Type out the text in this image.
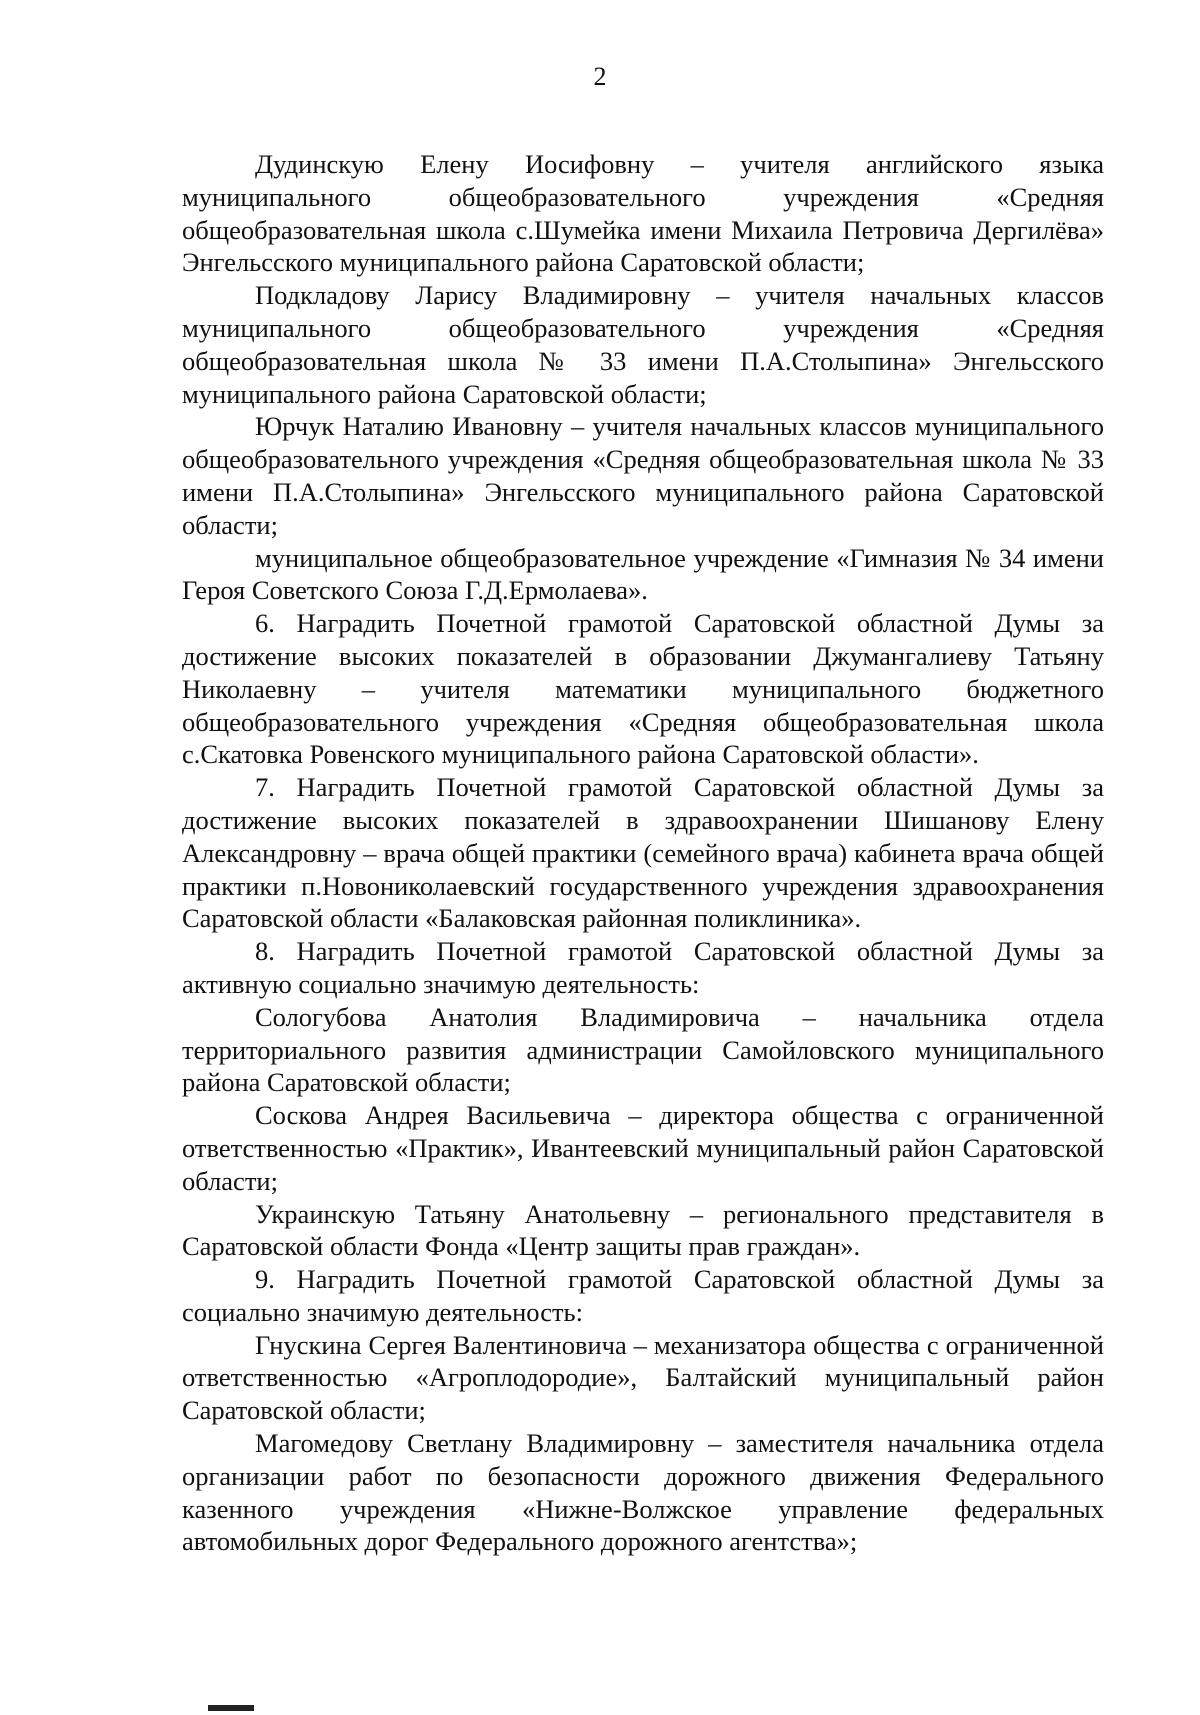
2

Дудинскую Елену Иосифовну – учителя английского языка муниципального общеобразовательного учреждения «Средняя общеобразовательная школа с.Шумейка имени Михаила Петровича Дергилёва» Энгельсского муниципального района Саратовской области;

Подкладову Ларису Владимировну – учителя начальных классов муниципального общеобразовательного учреждения «Средняя общеобразовательная школа № 33 имени П.А.Столыпина» Энгельсского муниципального района Саратовской области;

Юрчук Наталию Ивановну – учителя начальных классов муниципального общеобразовательного учреждения «Средняя общеобразовательная школа № 33 имени П.А.Столыпина» Энгельсского муниципального района Саратовской области;

муниципальное общеобразовательное учреждение «Гимназия № 34 имени Героя Советского Союза Г.Д.Ермолаева».

6. Наградить Почетной грамотой Саратовской областной Думы за достижение высоких показателей в образовании Джумангалиеву Татьяну Николаевну – учителя математики муниципального бюджетного общеобразовательного учреждения «Средняя общеобразовательная школа с.Скатовка Ровенского муниципального района Саратовской области».

7. Наградить Почетной грамотой Саратовской областной Думы за достижение высоких показателей в здравоохранении Шишанову Елену Александровну – врача общей практики (семейного врача) кабинета врача общей практики п.Новониколаевский государственного учреждения здравоохранения Саратовской области «Балаковская районная поликлиника».

8. Наградить Почетной грамотой Саратовской областной Думы за активную социально значимую деятельность:

Сологубова Анатолия Владимировича – начальника отдела территориального развития администрации Самойловского муниципального района Саратовской области;

Соскова Андрея Васильевича – директора общества с ограниченной ответственностью «Практик», Ивантеевский муниципальный район Саратовской области;

Украинскую Татьяну Анатольевну – регионального представителя в Саратовской области Фонда «Центр защиты прав граждан».

9. Наградить Почетной грамотой Саратовской областной Думы за социально значимую деятельность:

Гнускина Сергея Валентиновича – механизатора общества с ограниченной ответственностью «Агроплодородие», Балтайский муниципальный район Саратовской области;

Магомедову Светлану Владимировну – заместителя начальника отдела организации работ по безопасности дорожного движения Федерального казенного учреждения «Нижне-Волжское управление федеральных автомобильных дорог Федерального дорожного агентства»;
